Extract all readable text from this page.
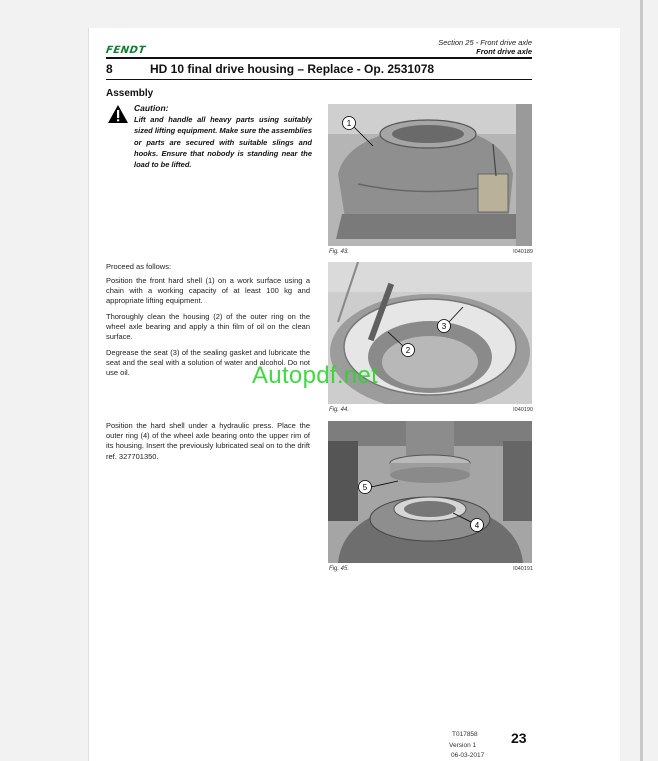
FENDT
Section 25 - Front drive axle
Front drive axle
8	HD 10 final drive housing – Replace - Op. 2531078
Assembly
Caution:
Lift and handle all heavy parts using suitably sized lifting equipment. Make sure the assemblies or parts are secured with suitable slings and hooks. Ensure that nobody is standing near the load to be lifted.
Proceed as follows:
Position the front hard shell (1) on a work surface using a chain with a working capacity of at least 100 kg and appropriate lifting equipment.
Thoroughly clean the housing (2) of the outer ring on the wheel axle bearing and apply a thin film of oil on the clean surface.
Degrease the seat (3) of the sealing gasket and lubricate the seat and the seal with a solution of water and alcohol. Do not use oil.
Position the hard shell under a hydraulic press. Place the outer ring (4) of the wheel axle bearing onto the upper rim of its housing. Insert the previously lubricated seal on to the drift ref. 327701350.
1
Fig. 43.	I040189
2
3
Fig. 44.	I040190
5
4
Fig. 45.	I040191
Autopdf.net
T017858
Version 1
06-03-2017
23
